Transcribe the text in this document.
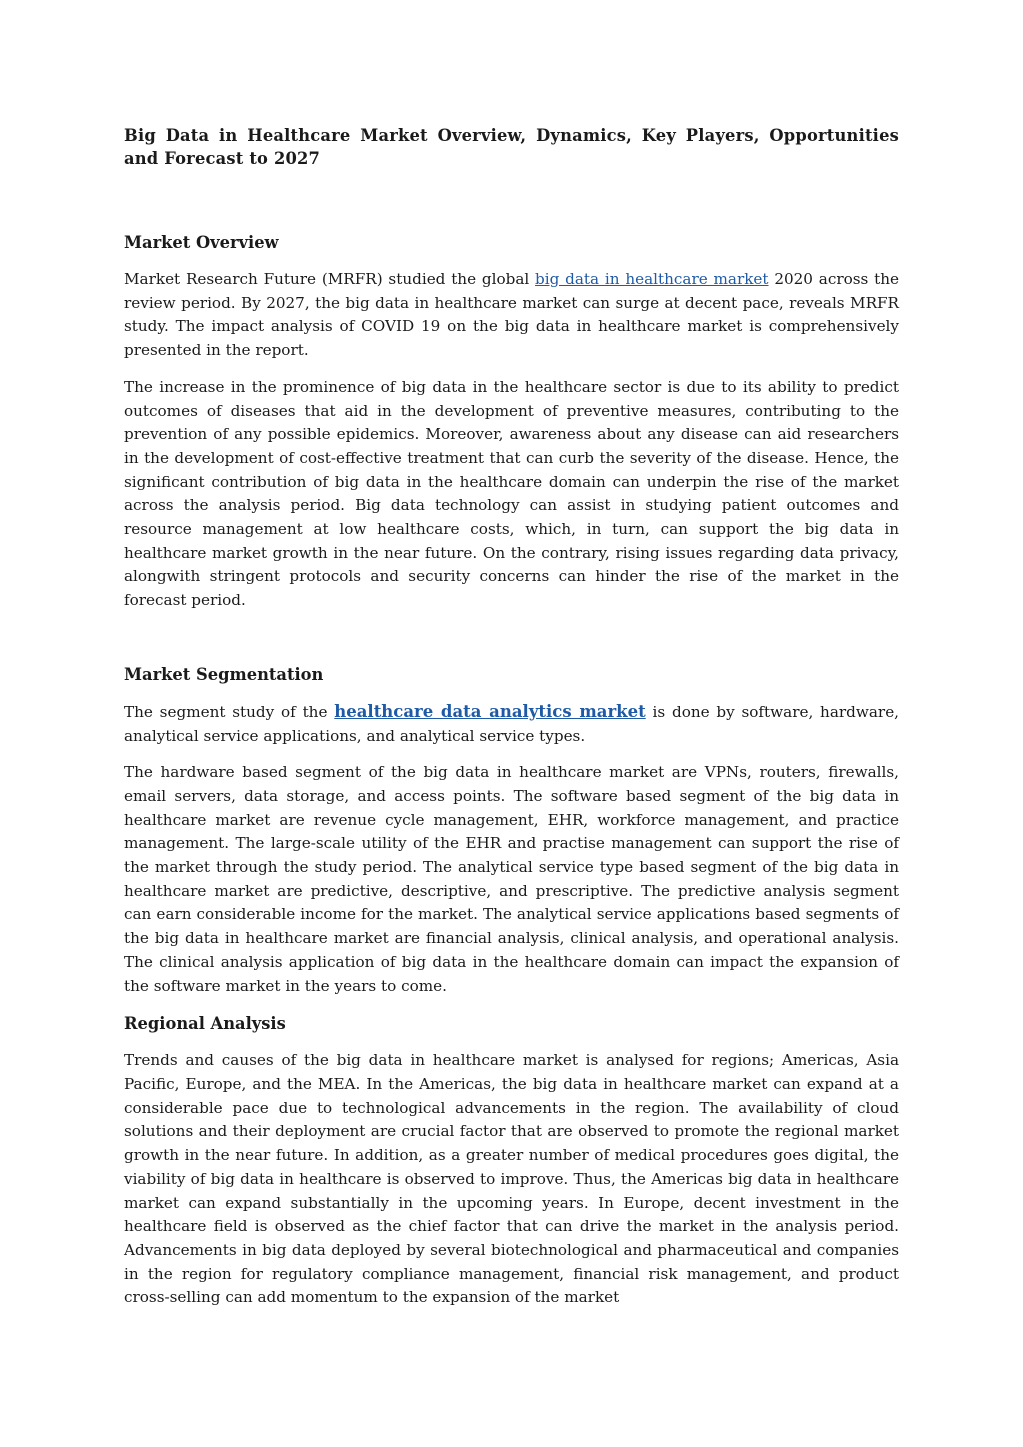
Big Data in Healthcare Market Overview, Dynamics, Key Players, Opportunities and Forecast to 2027
Market Overview

Market Research Future (MRFR) studied the global big data in healthcare market 2020 across the review period. By 2027, the big data in healthcare market can surge at decent pace, reveals MRFR study. The impact analysis of COVID 19 on the big data in healthcare market is comprehensively presented in the report.

The increase in the prominence of big data in the healthcare sector is due to its ability to predict outcomes of diseases that aid in the development of preventive measures, contributing to the prevention of any possible epidemics. Moreover, awareness about any disease can aid researchers in the development of cost-effective treatment that can curb the severity of the disease. Hence, the significant contribution of big data in the healthcare domain can underpin the rise of the market across the analysis period. Big data technology can assist in studying patient outcomes and resource management at low healthcare costs, which, in turn, can support the big data in healthcare market growth in the near future. On the contrary, rising issues regarding data privacy, alongwith stringent protocols and security concerns can hinder the rise of the market in the forecast period.

Market Segmentation

The segment study of the healthcare data analytics market is done by software, hardware, analytical service applications, and analytical service types.

The hardware based segment of the big data in healthcare market are VPNs, routers, firewalls, email servers, data storage, and access points. The software based segment of the big data in healthcare market are revenue cycle management, EHR, workforce management, and practice management. The large-scale utility of the EHR and practise management can support the rise of the market through the study period. The analytical service type based segment of the big data in healthcare market are predictive, descriptive, and prescriptive. The predictive analysis segment can earn considerable income for the market. The analytical service applications based segments of the big data in healthcare market are financial analysis, clinical analysis, and operational analysis. The clinical analysis application of big data in the healthcare domain can impact the expansion of the software market in the years to come.

Regional Analysis

Trends and causes of the big data in healthcare market is analysed for regions; Americas, Asia Pacific, Europe, and the MEA. In the Americas, the big data in healthcare market can expand at a considerable pace due to technological advancements in the region. The availability of cloud solutions and their deployment are crucial factor that are observed to promote the regional market growth in the near future. In addition, as a greater number of medical procedures goes digital, the viability of big data in healthcare is observed to improve. Thus, the Americas big data in healthcare market can expand substantially in the upcoming years. In Europe, decent investment in the healthcare field is observed as the chief factor that can drive the market in the analysis period. Advancements in big data deployed by several biotechnological and pharmaceutical and companies in the region for regulatory compliance management, financial risk management, and product cross-selling can add momentum to the expansion of the market
